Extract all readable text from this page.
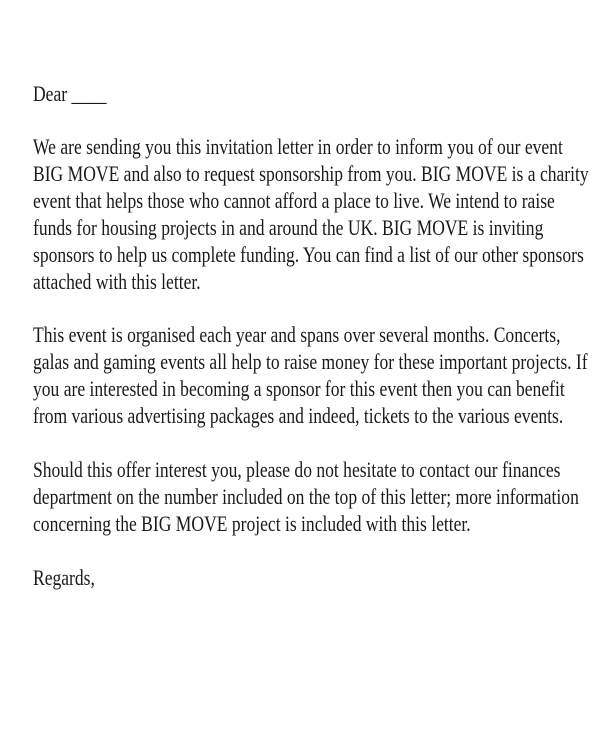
Dear ____
We are sending you this invitation letter in order to inform you of our event
BIG MOVE and also to request sponsorship from you. BIG MOVE is a charity
event that helps those who cannot afford a place to live. We intend to raise
funds for housing projects in and around the UK. BIG MOVE is inviting
sponsors to help us complete funding. You can find a list of our other sponsors
attached with this letter.
This event is organised each year and spans over several months. Concerts,
galas and gaming events all help to raise money for these important projects. If
you are interested in becoming a sponsor for this event then you can benefit
from various advertising packages and indeed, tickets to the various events.
Should this offer interest you, please do not hesitate to contact our finances
department on the number included on the top of this letter; more information
concerning the BIG MOVE project is included with this letter.
Regards,
